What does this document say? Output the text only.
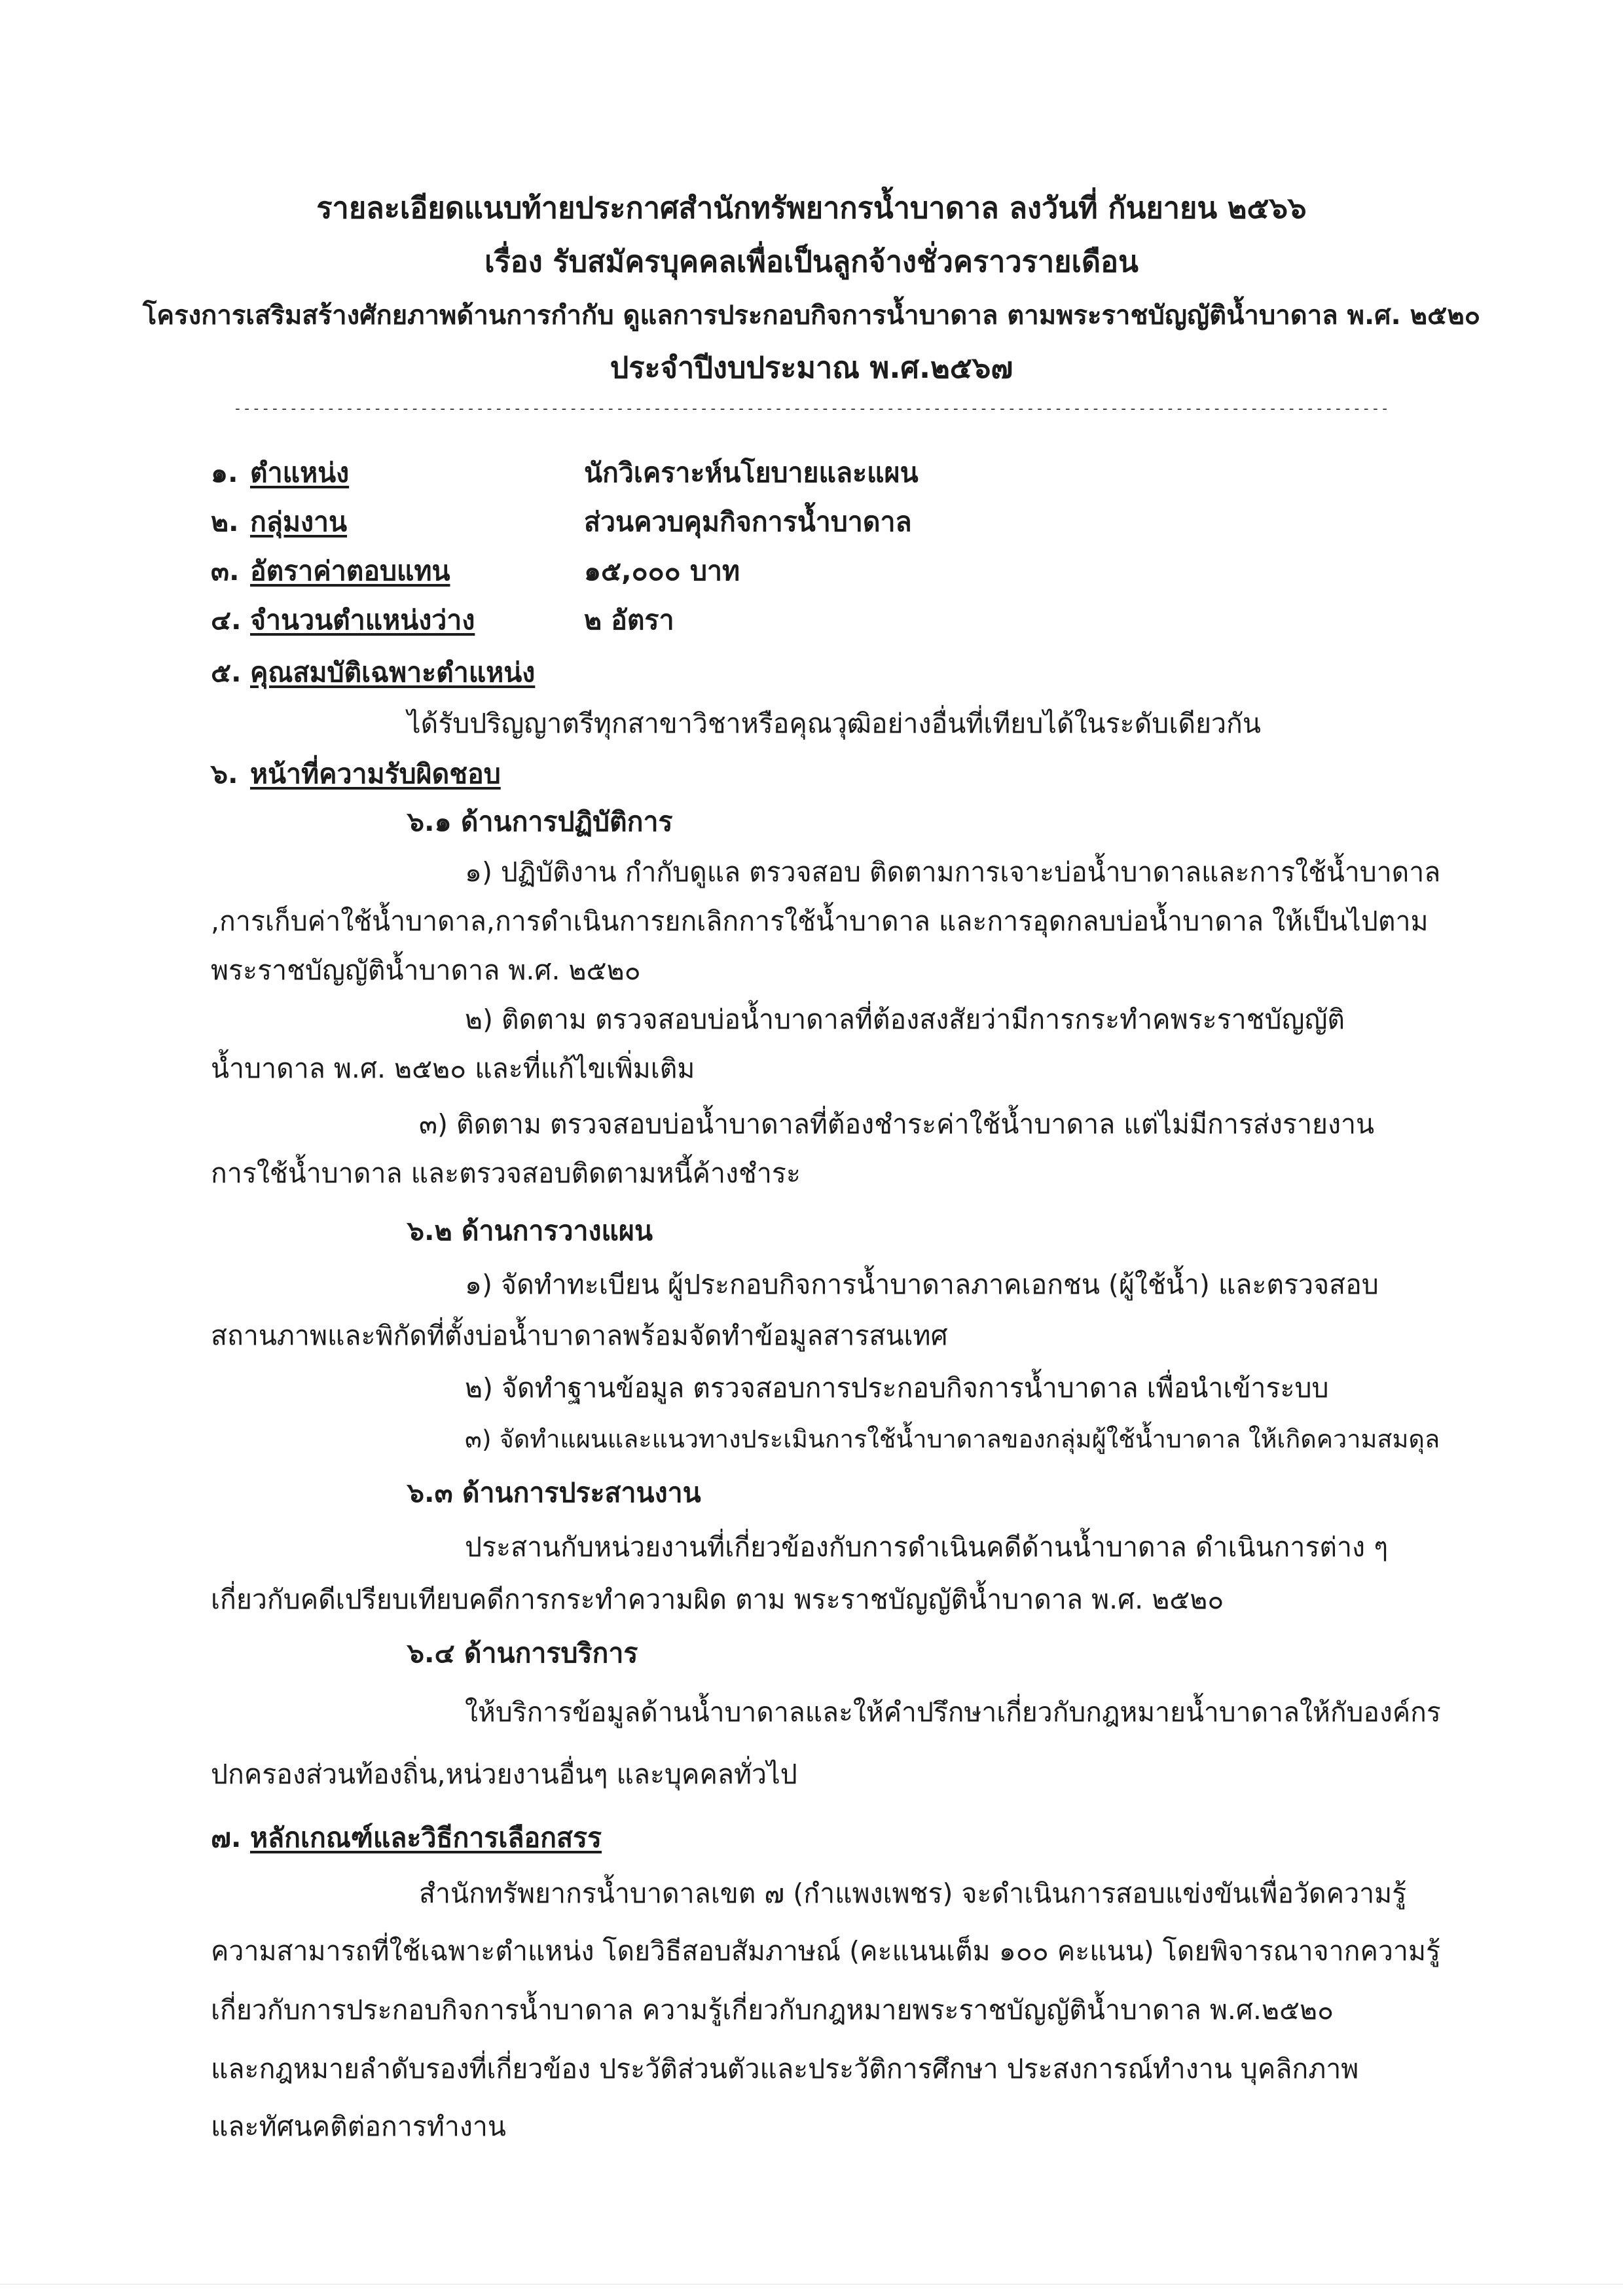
รายละเอียดแนบท้ายประกาศสำนักทรัพยากรน้ำบาดาล ลงวันที่ กันยายน ๒๕๖๖
เรื่อง รับสมัครบุคคลเพื่อเป็นลูกจ้างชั่วคราวรายเดือน
โครงการเสริมสร้างศักยภาพด้านการกำกับ ดูแลการประกอบกิจการน้ำบาดาล ตามพระราชบัญญัติน้ำบาดาล พ.ศ. ๒๕๒๐
ประจำปีงบประมาณ พ.ศ.๒๕๖๗
----------------------------------------------------------------------------------------------------------------------------
๑. ตำแหน่ง	นักวิเคราะห์นโยบายและแผน
๒. กลุ่มงาน	ส่วนควบคุมกิจการน้ำบาดาล
๓. อัตราค่าตอบแทน	๑๕,๐๐๐ บาท
๔. จำนวนตำแหน่งว่าง	๒ อัตรา
๕. คุณสมบัติเฉพาะตำแหน่ง
ได้รับปริญญาตรีทุกสาขาวิชาหรือคุณวุฒิอย่างอื่นที่เทียบได้ในระดับเดียวกัน
๖. หน้าที่ความรับผิดชอบ
๖.๑ ด้านการปฏิบัติการ
๑) ปฏิบัติงาน กำกับดูแล ตรวจสอบ ติดตามการเจาะบ่อน้ำบาดาลและการใช้น้ำบาดาล
,การเก็บค่าใช้น้ำบาดาล,การดำเนินการยกเลิกการใช้น้ำบาดาล และการอุดกลบบ่อน้ำบาดาล ให้เป็นไปตาม
พระราชบัญญัติน้ำบาดาล พ.ศ. ๒๕๒๐
๒) ติดตาม ตรวจสอบบ่อน้ำบาดาลที่ต้องสงสัยว่ามีการกระทำคพระราชบัญญัติ
น้ำบาดาล พ.ศ. ๒๕๒๐ และที่แก้ไขเพิ่มเติม
๓) ติดตาม ตรวจสอบบ่อน้ำบาดาลที่ต้องชำระค่าใช้น้ำบาดาล แต่ไม่มีการส่งรายงาน
การใช้น้ำบาดาล และตรวจสอบติดตามหนี้ค้างชำระ
๖.๒ ด้านการวางแผน
๑) จัดทำทะเบียน ผู้ประกอบกิจการน้ำบาดาลภาคเอกชน (ผู้ใช้น้ำ) และตรวจสอบ
สถานภาพและพิกัดที่ตั้งบ่อน้ำบาดาลพร้อมจัดทำข้อมูลสารสนเทศ
๒) จัดทำฐานข้อมูล ตรวจสอบการประกอบกิจการน้ำบาดาล เพื่อนำเข้าระบบ
๓) จัดทำแผนและแนวทางประเมินการใช้น้ำบาดาลของกลุ่มผู้ใช้น้ำบาดาล ให้เกิดความสมดุล
๖.๓ ด้านการประสานงาน
ประสานกับหน่วยงานที่เกี่ยวข้องกับการดำเนินคดีด้านน้ำบาดาล ดำเนินการต่าง ๆ
เกี่ยวกับคดีเปรียบเทียบคดีการกระทำความผิด ตาม พระราชบัญญัติน้ำบาดาล พ.ศ. ๒๕๒๐
๖.๔ ด้านการบริการ
ให้บริการข้อมูลด้านน้ำบาดาลและให้คำปรึกษาเกี่ยวกับกฎหมายน้ำบาดาลให้กับองค์กร
ปกครองส่วนท้องถิ่น,หน่วยงานอื่นๆ และบุคคลทั่วไป
๗. หลักเกณฑ์และวิธีการเลือกสรร
สำนักทรัพยากรน้ำบาดาลเขต ๗ (กำแพงเพชร) จะดำเนินการสอบแข่งขันเพื่อวัดความรู้
ความสามารถที่ใช้เฉพาะตำแหน่ง โดยวิธีสอบสัมภาษณ์ (คะแนนเต็ม ๑๐๐ คะแนน) โดยพิจารณาจากความรู้
เกี่ยวกับการประกอบกิจการน้ำบาดาล ความรู้เกี่ยวกับกฎหมายพระราชบัญญัติน้ำบาดาล พ.ศ.๒๕๒๐
และกฎหมายลำดับรองที่เกี่ยวข้อง ประวัติส่วนตัวและประวัติการศึกษา ประสงการณ์ทำงาน บุคลิกภาพ
และทัศนคติต่อการทำงาน
